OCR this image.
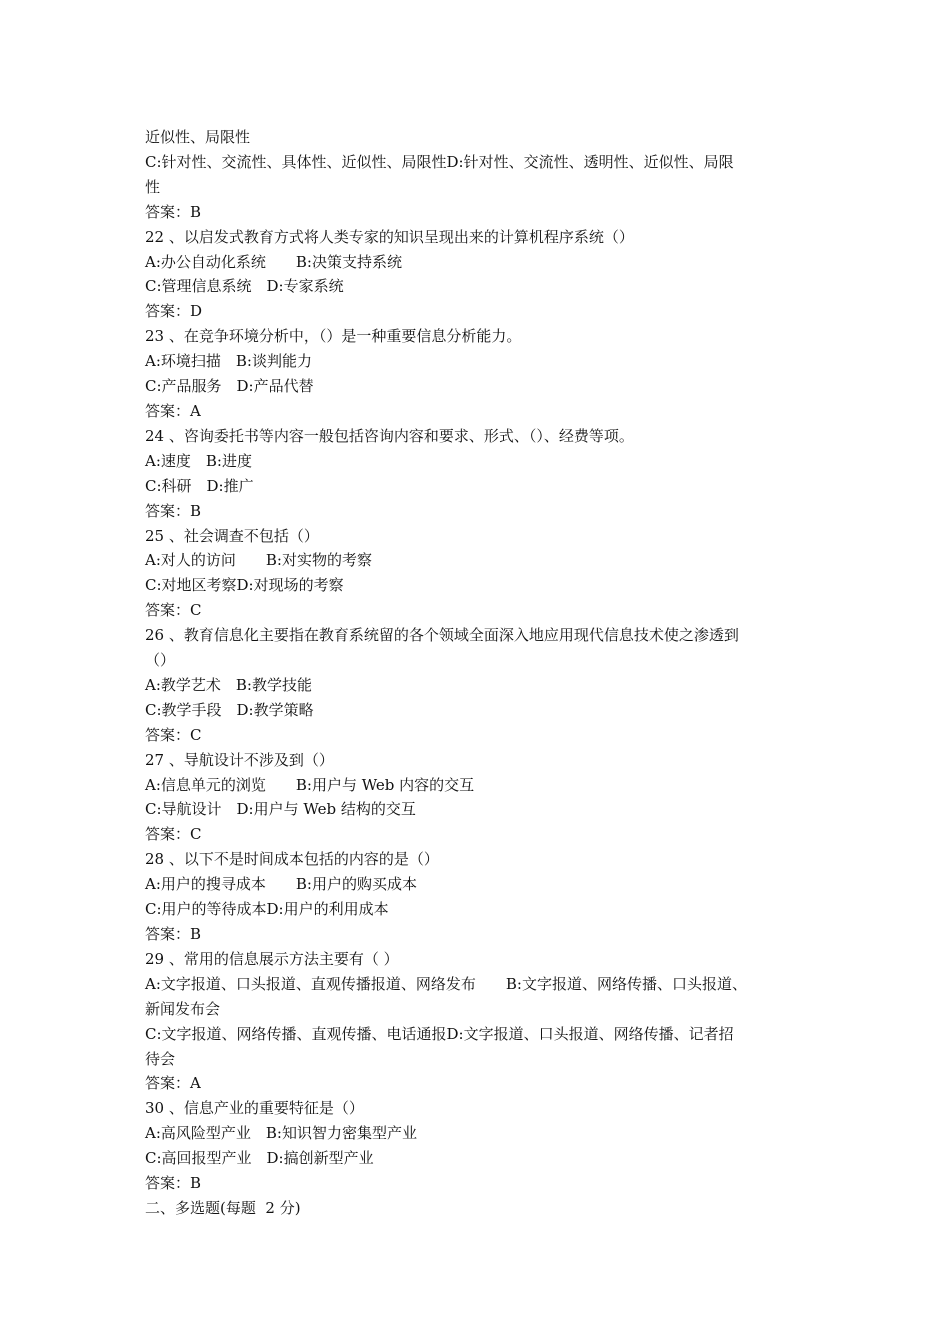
近似性、局限性

C:针对性、交流性、具体性、近似性、局限性D:针对性、交流性、透明性、近似性、局限

性

答案：B

22 、以启发式教育方式将人类专家的知识呈现出来的计算机程序系统（）

A:办公自动化系统　　B:决策支持系统

C:管理信息系统　D:专家系统

答案：D

23 、在竞争环境分析中，（）是一种重要信息分析能力。

A:环境扫描　B:谈判能力

C:产品服务　D:产品代替

答案：A

24 、咨询委托书等内容一般包括咨询内容和要求、形式、（）、经费等项。

A:速度　B:进度

C:科研　D:推广

答案：B

25 、社会调查不包括（）

A:对人的访问　　B:对实物的考察

C:对地区考察D:对现场的考察

答案：C

26 、教育信息化主要指在教育系统留的各个领域全面深入地应用现代信息技术使之渗透到

（）

A:教学艺术　B:教学技能

C:教学手段　D:教学策略

答案：C

27 、导航设计不涉及到（）

A:信息单元的浏览　　B:用户与 Web 内容的交互

C:导航设计　D:用户与 Web 结构的交互

答案：C

28 、以下不是时间成本包括的内容的是（）

A:用户的搜寻成本　　B:用户的购买成本

C:用户的等待成本D:用户的利用成本

答案：B

29 、常用的信息展示方法主要有（ ）

A:文字报道、口头报道、直观传播报道、网络发布　　B:文字报道、网络传播、口头报道、

新闻发布会

C:文字报道、网络传播、直观传播、电话通报D:文字报道、口头报道、网络传播、记者招

待会

答案：A

30 、信息产业的重要特征是（）

A:高风险型产业　B:知识智力密集型产业

C:高回报型产业　D:搞创新型产业

答案：B

二、多选题(每题  2 分)
